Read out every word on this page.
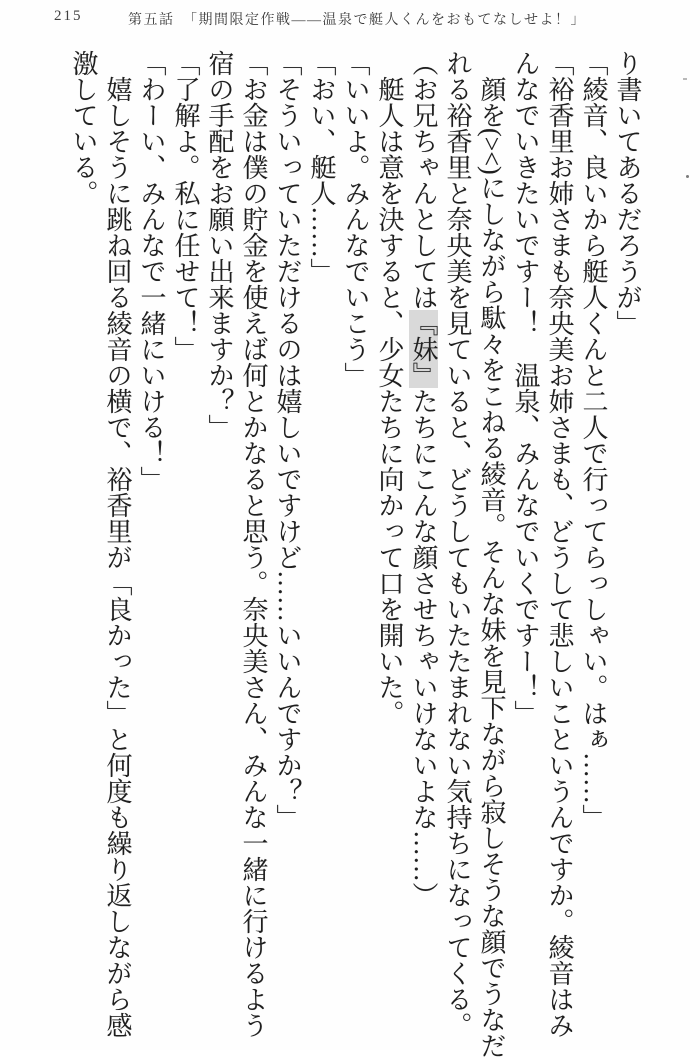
215	第五話　「期間限定作戦――温泉で艇人くんをおもてなしせよ！」

り書いてあるだろうが」

「綾音、良いから艇人くんと二人で行ってらっしゃい。はぁ……」

「裕香里お姉さまも奈央美お姉さまも、どうして悲しいこというんですか。綾音はみ

んなでいきたいですー！　温泉、みんなでいくですー！」

　顔を(><)にしながら駄々をこねる綾音。そんな妹を見下ながら寂しそうな顔でうなだ

れる裕香里と奈央美を見ていると、どうしてもいたたまれない気持ちになってくる。

（お兄ちゃんとしては『妹』たちにこんな顔させちゃいけないよな……）

　艇人は意を決すると、少女たちに向かって口を開いた。

「いいよ。みんなでいこう」

「おい、艇人……」

「そういっていただけるのは嬉しいですけど……いいんですか？」

「お金は僕の貯金を使えば何とかなると思う。奈央美さん、みんな一緒に行けるよう

宿の手配をお願い出来ますか？」

「了解よ。私に任せて！」

「わーい、みんなで一緒にいける！」

　嬉しそうに跳ね回る綾音の横で、裕香里が「良かった」と何度も繰り返しながら感

激している。
